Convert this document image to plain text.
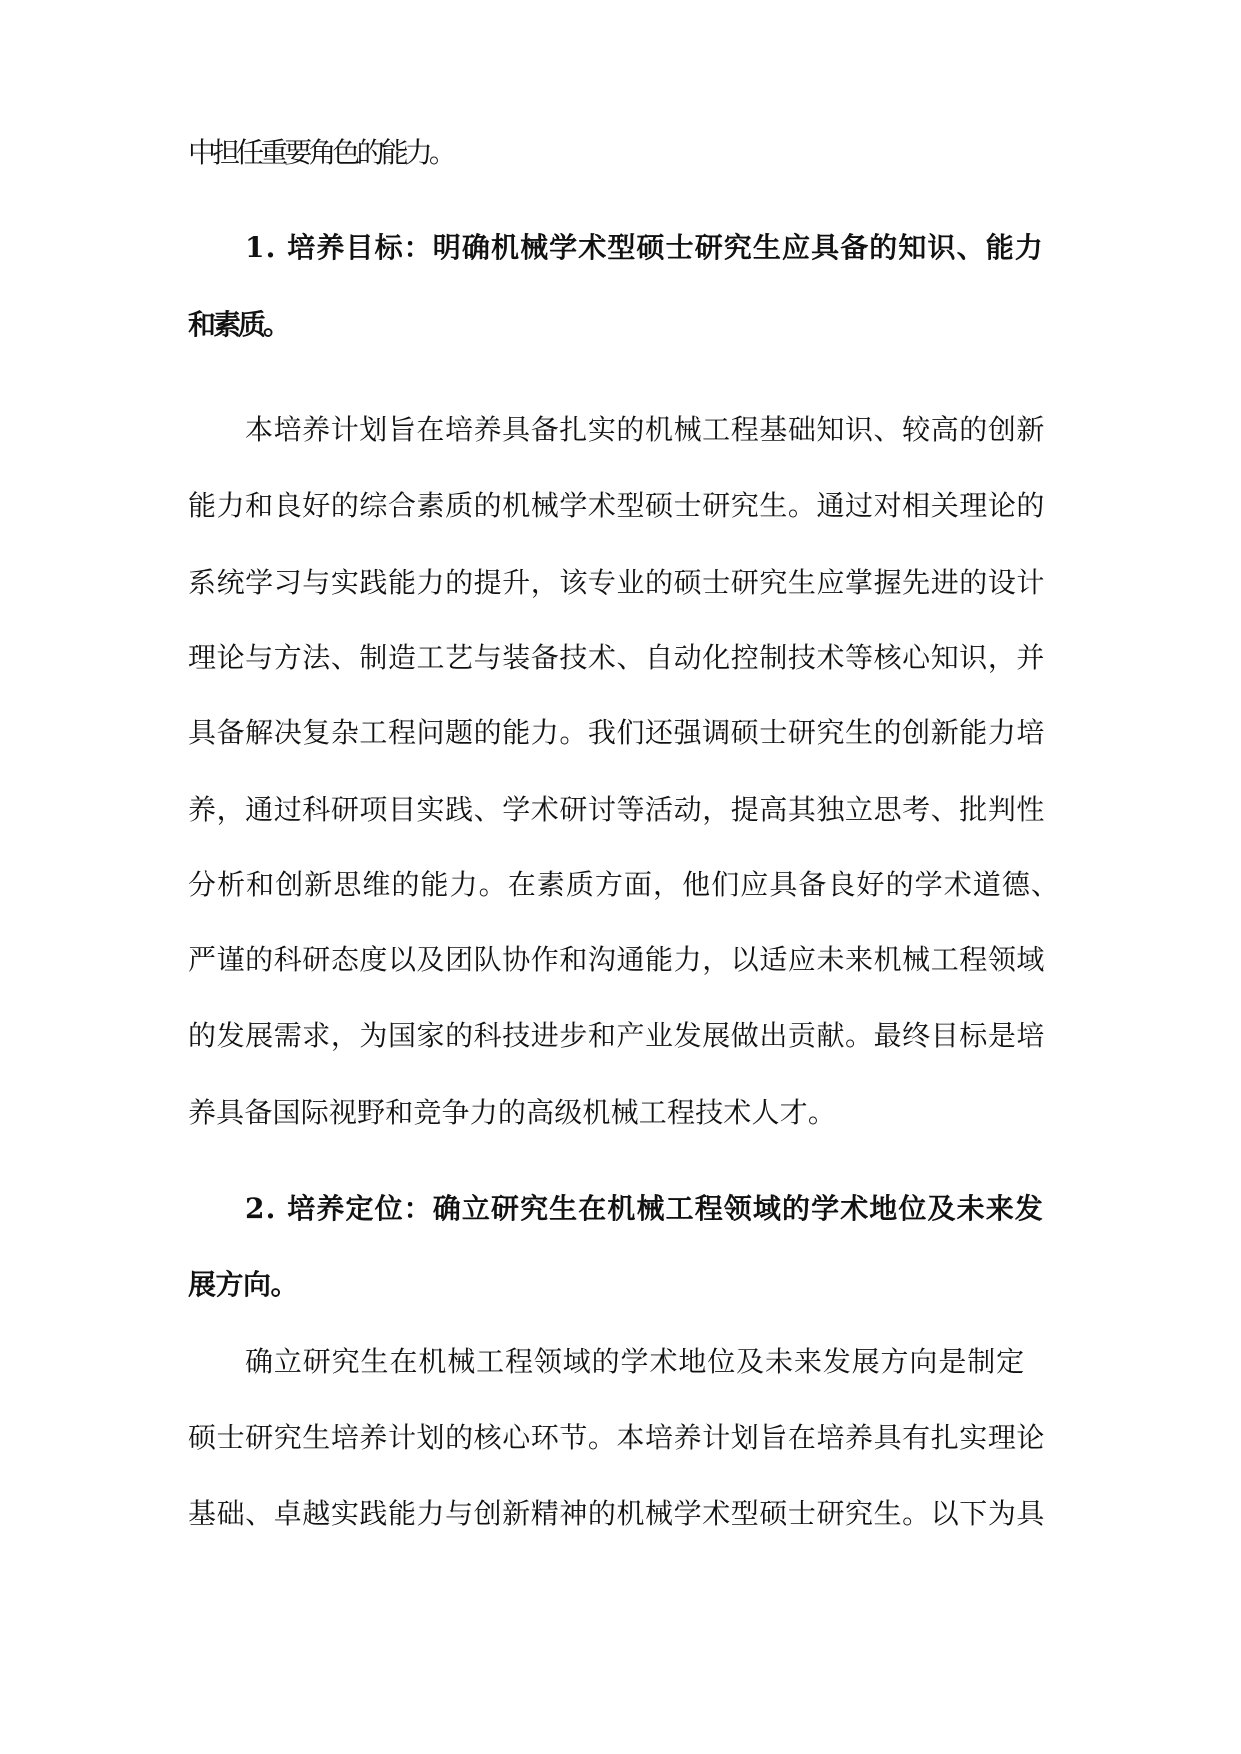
中担任重要角色的能力。
1. 培养目标：明确机械学术型硕士研究生应具备的知识、能力
和素质。
本培养计划旨在培养具备扎实的机械工程基础知识、较高的创新
能力和良好的综合素质的机械学术型硕士研究生。通过对相关理论的
系统学习与实践能力的提升，该专业的硕士研究生应掌握先进的设计
理论与方法、制造工艺与装备技术、自动化控制技术等核心知识，并
具备解决复杂工程问题的能力。我们还强调硕士研究生的创新能力培
养，通过科研项目实践、学术研讨等活动，提高其独立思考、批判性
分析和创新思维的能力。在素质方面，他们应具备良好的学术道德、
严谨的科研态度以及团队协作和沟通能力，以适应未来机械工程领域
的发展需求，为国家的科技进步和产业发展做出贡献。最终目标是培
养具备国际视野和竞争力的高级机械工程技术人才。
2. 培养定位：确立研究生在机械工程领域的学术地位及未来发
展方向。
确立研究生在机械工程领域的学术地位及未来发展方向是制定
硕士研究生培养计划的核心环节。本培养计划旨在培养具有扎实理论
基础、卓越实践能力与创新精神的机械学术型硕士研究生。以下为具
